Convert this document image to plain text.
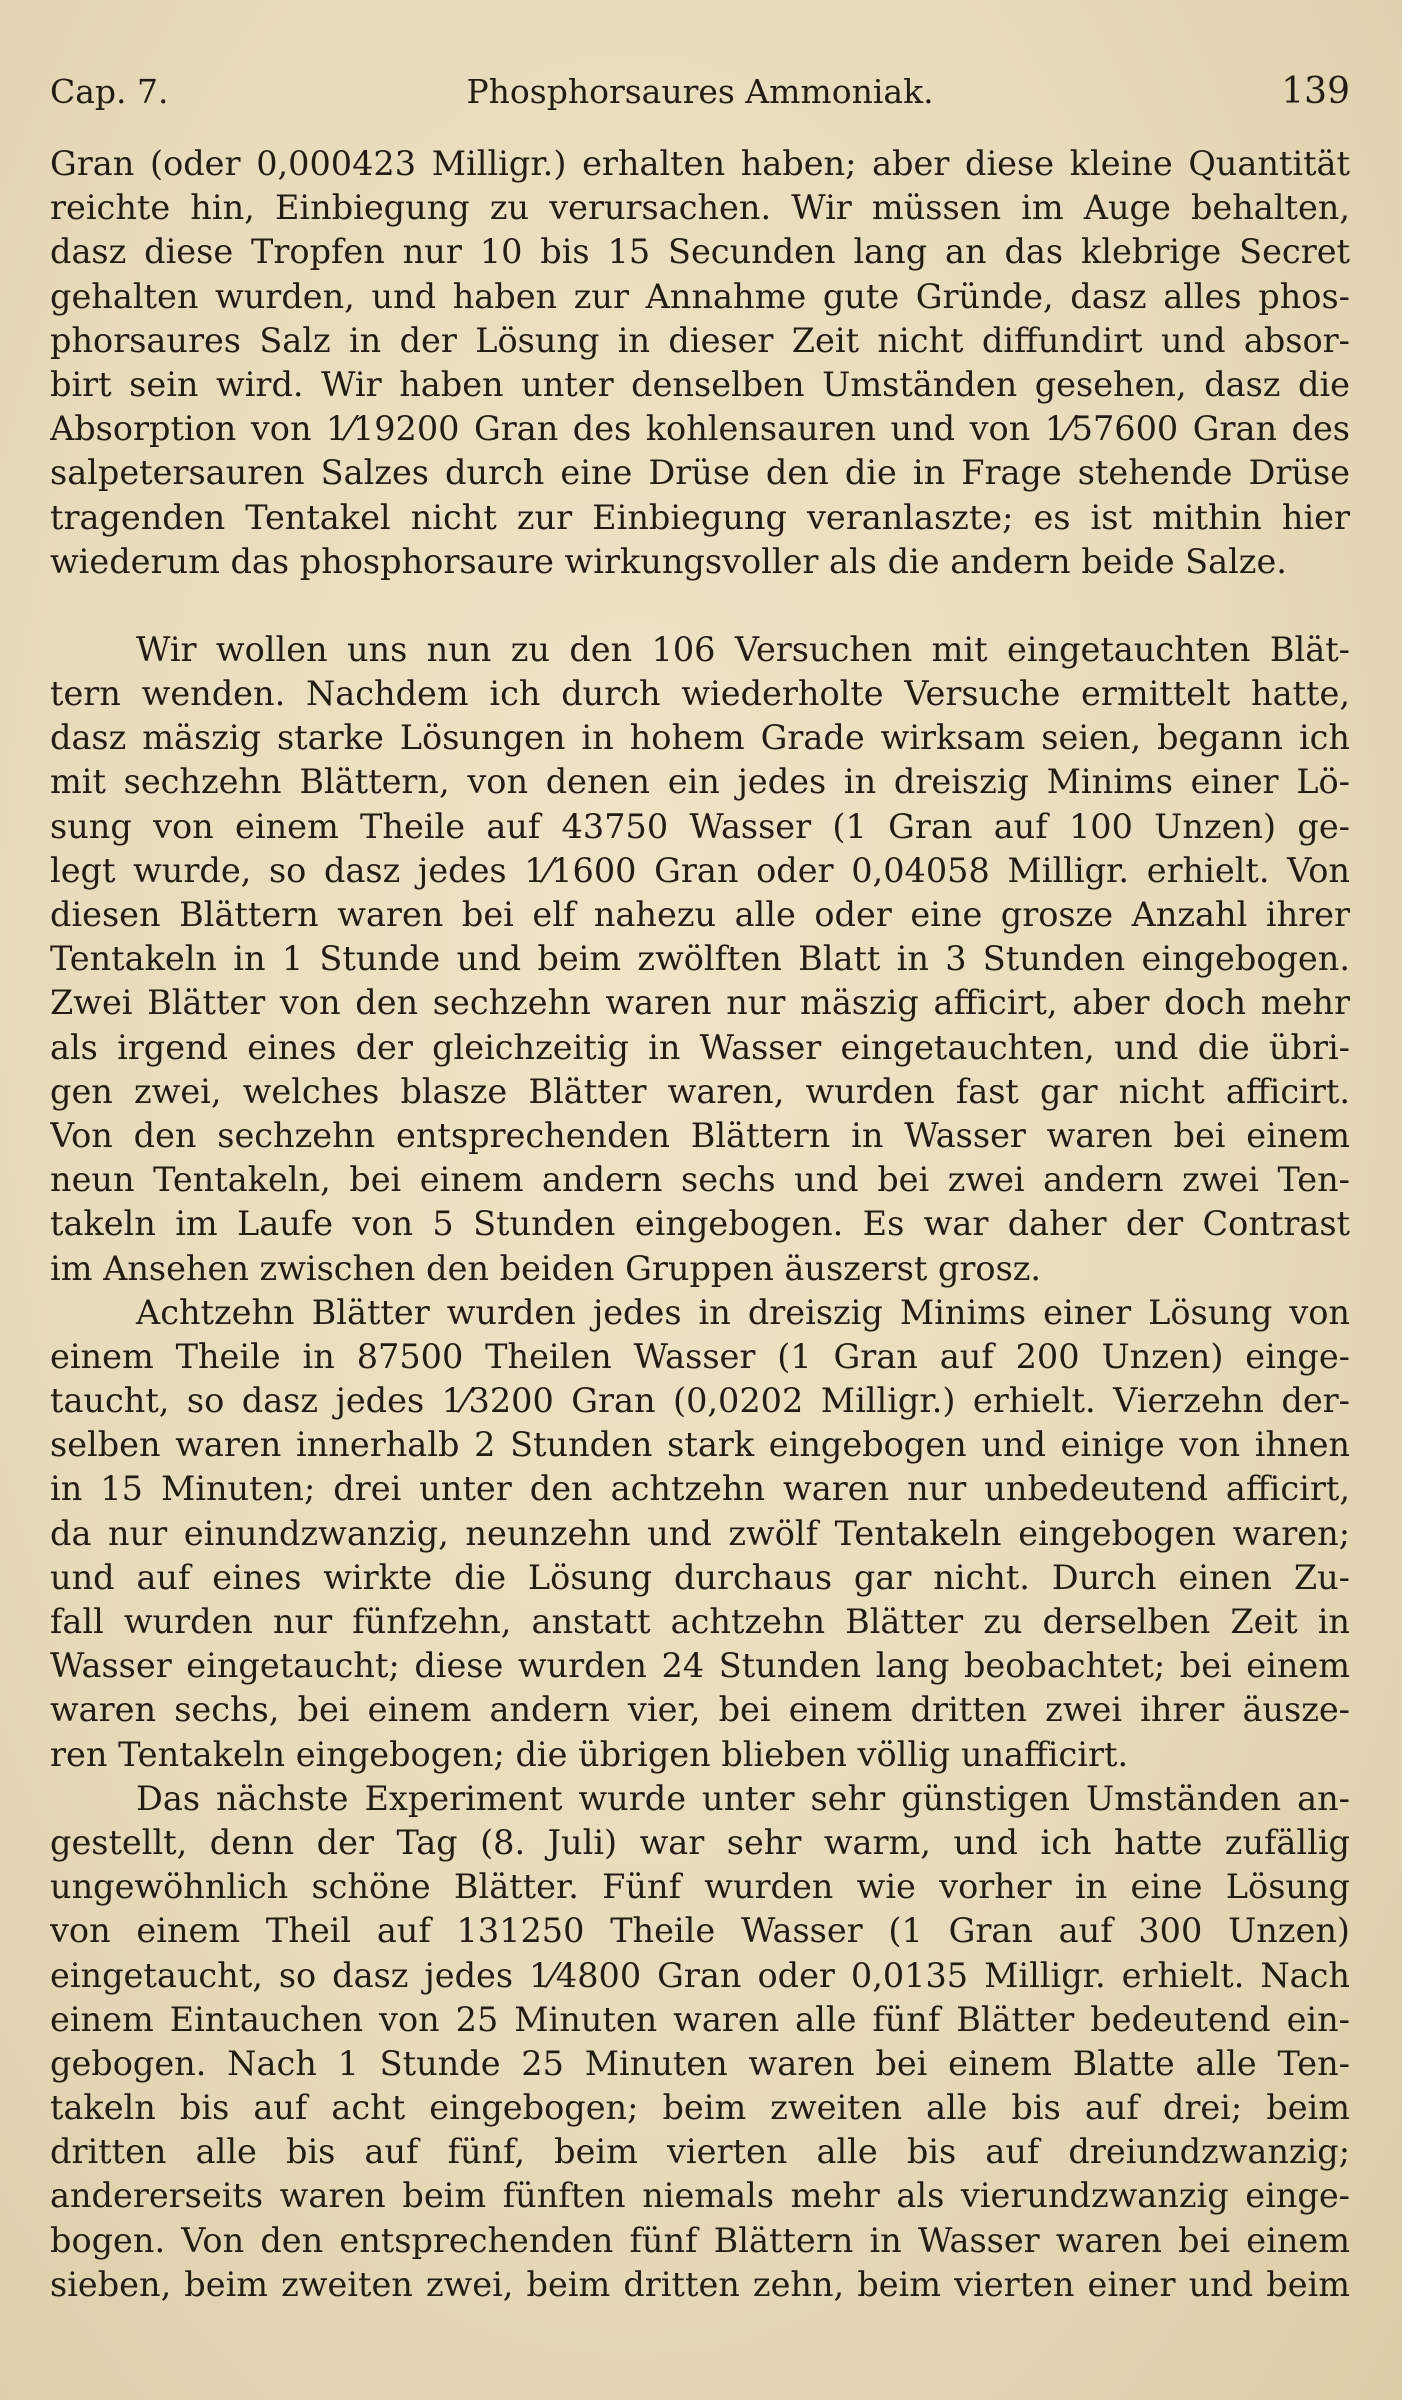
Cap. 7.	Phosphorsaures Ammoniak.	139
Gran (oder 0,000423 Milligr.) erhalten haben; aber diese kleine Quantität
reichte hin, Einbiegung zu verursachen. Wir müssen im Auge behalten,
dasz diese Tropfen nur 10 bis 15 Secunden lang an das klebrige Secret
gehalten wurden, und haben zur Annahme gute Gründe, dasz alles phos-
phorsaures Salz in der Lösung in dieser Zeit nicht diffundirt und absor-
birt sein wird. Wir haben unter denselben Umständen gesehen, dasz die
Absorption von 1⁄19200 Gran des kohlensauren und von 1⁄57600 Gran des
salpetersauren Salzes durch eine Drüse den die in Frage stehende Drüse
tragenden Tentakel nicht zur Einbiegung veranlaszte; es ist mithin hier
wiederum das phosphorsaure wirkungsvoller als die andern beide Salze.
Wir wollen uns nun zu den 106 Versuchen mit eingetauchten Blät-
tern wenden. Nachdem ich durch wiederholte Versuche ermittelt hatte,
dasz mäszig starke Lösungen in hohem Grade wirksam seien, begann ich
mit sechzehn Blättern, von denen ein jedes in dreiszig Minims einer Lö-
sung von einem Theile auf 43750 Wasser (1 Gran auf 100 Unzen) ge-
legt wurde, so dasz jedes 1⁄1600 Gran oder 0,04058 Milligr. erhielt. Von
diesen Blättern waren bei elf nahezu alle oder eine grosze Anzahl ihrer
Tentakeln in 1 Stunde und beim zwölften Blatt in 3 Stunden eingebogen.
Zwei Blätter von den sechzehn waren nur mäszig afficirt, aber doch mehr
als irgend eines der gleichzeitig in Wasser eingetauchten, und die übri-
gen zwei, welches blasze Blätter waren, wurden fast gar nicht afficirt.
Von den sechzehn entsprechenden Blättern in Wasser waren bei einem
neun Tentakeln, bei einem andern sechs und bei zwei andern zwei Ten-
takeln im Laufe von 5 Stunden eingebogen. Es war daher der Contrast
im Ansehen zwischen den beiden Gruppen äuszerst grosz.
Achtzehn Blätter wurden jedes in dreiszig Minims einer Lösung von
einem Theile in 87500 Theilen Wasser (1 Gran auf 200 Unzen) einge-
taucht, so dasz jedes 1⁄3200 Gran (0,0202 Milligr.) erhielt. Vierzehn der-
selben waren innerhalb 2 Stunden stark eingebogen und einige von ihnen
in 15 Minuten; drei unter den achtzehn waren nur unbedeutend afficirt,
da nur einundzwanzig, neunzehn und zwölf Tentakeln eingebogen waren;
und auf eines wirkte die Lösung durchaus gar nicht. Durch einen Zu-
fall wurden nur fünfzehn, anstatt achtzehn Blätter zu derselben Zeit in
Wasser eingetaucht; diese wurden 24 Stunden lang beobachtet; bei einem
waren sechs, bei einem andern vier, bei einem dritten zwei ihrer äusze-
ren Tentakeln eingebogen; die übrigen blieben völlig unafficirt.
Das nächste Experiment wurde unter sehr günstigen Umständen an-
gestellt, denn der Tag (8. Juli) war sehr warm, und ich hatte zufällig
ungewöhnlich schöne Blätter. Fünf wurden wie vorher in eine Lösung
von einem Theil auf 131250 Theile Wasser (1 Gran auf 300 Unzen)
eingetaucht, so dasz jedes 1⁄4800 Gran oder 0,0135 Milligr. erhielt. Nach
einem Eintauchen von 25 Minuten waren alle fünf Blätter bedeutend ein-
gebogen. Nach 1 Stunde 25 Minuten waren bei einem Blatte alle Ten-
takeln bis auf acht eingebogen; beim zweiten alle bis auf drei; beim
dritten alle bis auf fünf, beim vierten alle bis auf dreiundzwanzig;
andererseits waren beim fünften niemals mehr als vierundzwanzig einge-
bogen. Von den entsprechenden fünf Blättern in Wasser waren bei einem
sieben, beim zweiten zwei, beim dritten zehn, beim vierten einer und beim
